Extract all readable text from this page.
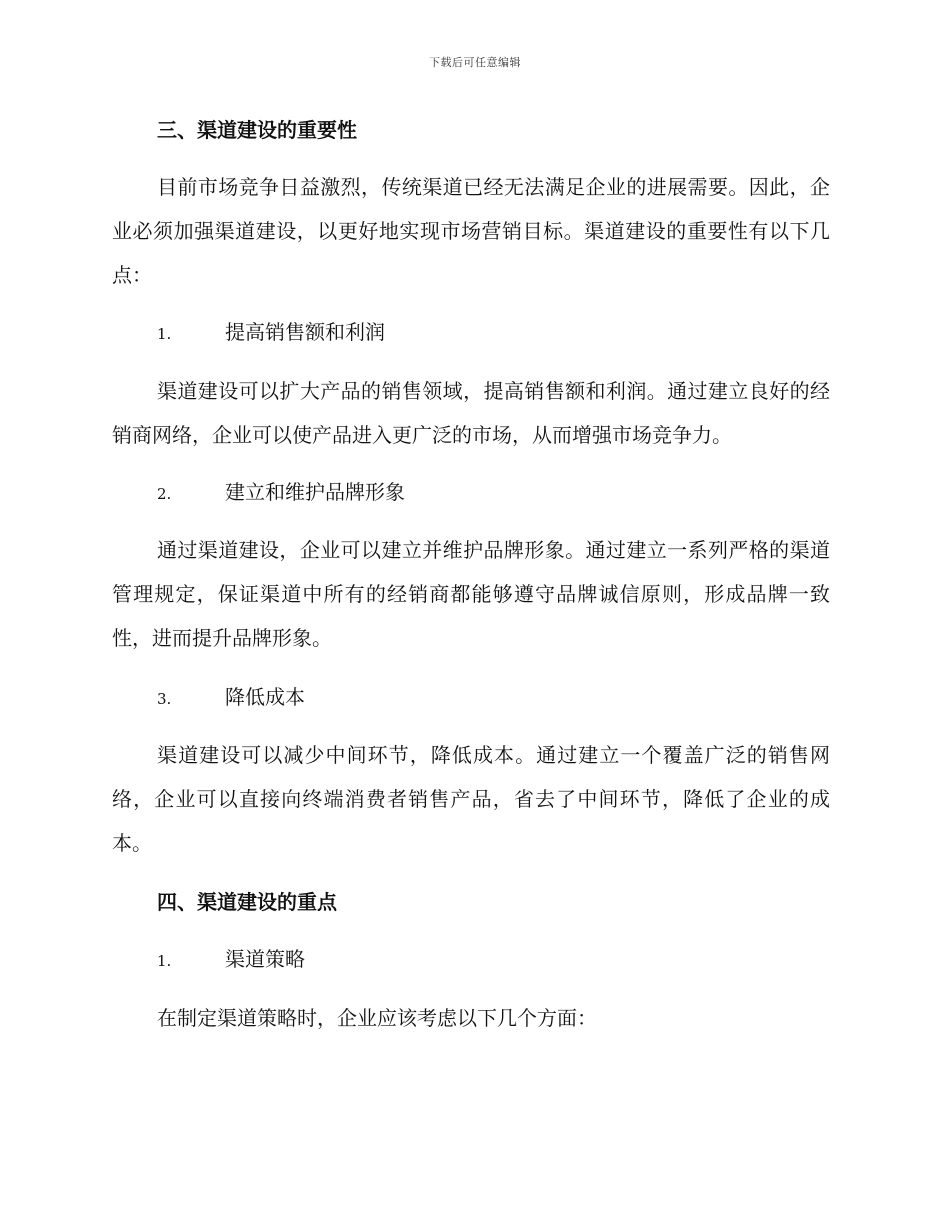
下载后可任意编辑
三、渠道建设的重要性
目前市场竞争日益激烈，传统渠道已经无法满足企业的进展需要。因此，企业必须加强渠道建设，以更好地实现市场营销目标。渠道建设的重要性有以下几点：
1.	提高销售额和利润
渠道建设可以扩大产品的销售领域，提高销售额和利润。通过建立良好的经销商网络，企业可以使产品进入更广泛的市场，从而增强市场竞争力。
2.	建立和维护品牌形象
通过渠道建设，企业可以建立并维护品牌形象。通过建立一系列严格的渠道管理规定，保证渠道中所有的经销商都能够遵守品牌诚信原则，形成品牌一致性，进而提升品牌形象。
3.	降低成本
渠道建设可以减少中间环节，降低成本。通过建立一个覆盖广泛的销售网络，企业可以直接向终端消费者销售产品，省去了中间环节，降低了企业的成本。
四、渠道建设的重点
1.	渠道策略
在制定渠道策略时，企业应该考虑以下几个方面：
